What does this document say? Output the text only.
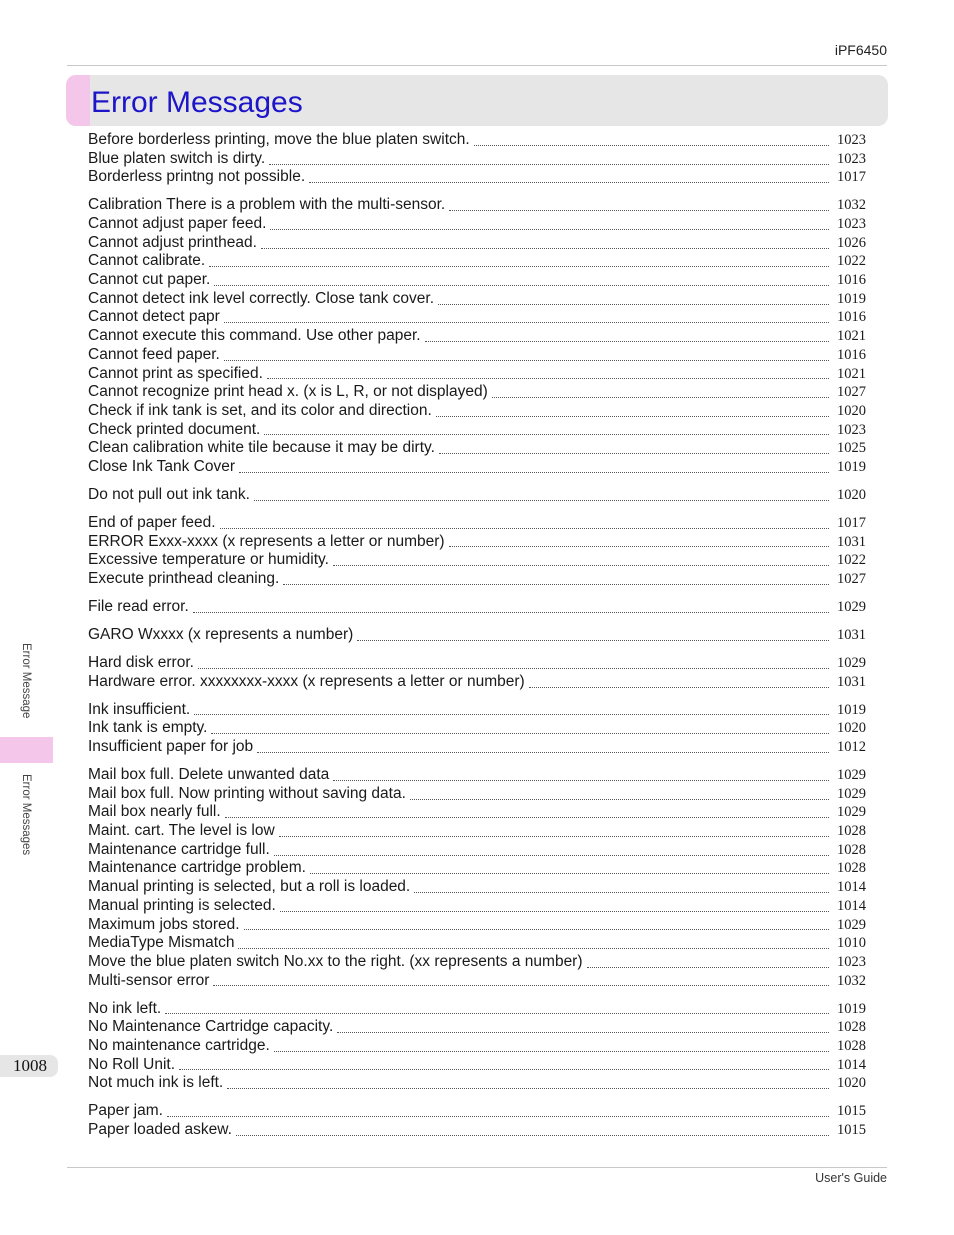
iPF6450
Error Messages
Before borderless printing, move the blue platen switch.	1023
Blue platen switch is dirty.	1023
Borderless printng not possible.	1017
Calibration There is a problem with the multi-sensor.	1032
Cannot adjust paper feed.	1023
Cannot adjust printhead.	1026
Cannot calibrate.	1022
Cannot cut paper.	1016
Cannot detect ink level correctly. Close tank cover.	1019
Cannot detect papr	1016
Cannot execute this command. Use other paper.	1021
Cannot feed paper.	1016
Cannot print as specified.	1021
Cannot recognize print head x. (x is L, R, or not displayed)	1027
Check if ink tank is set, and its color and direction.	1020
Check printed document.	1023
Clean calibration white tile because it may be dirty.	1025
Close Ink Tank Cover	1019
Do not pull out ink tank.	1020
End of paper feed.	1017
ERROR Exxx-xxxx (x represents a letter or number)	1031
Excessive temperature or humidity.	1022
Execute printhead cleaning.	1027
File read error.	1029
GARO Wxxxx (x represents a number)	1031
Hard disk error.	1029
Hardware error. xxxxxxxx-xxxx (x represents a letter or number)	1031
Ink insufficient.	1019
Ink tank is empty.	1020
Insufficient paper for job	1012
Mail box full. Delete unwanted data	1029
Mail box full. Now printing without saving data.	1029
Mail box nearly full.	1029
Maint. cart. The level is low	1028
Maintenance cartridge full.	1028
Maintenance cartridge problem.	1028
Manual printing is selected, but a roll is loaded.	1014
Manual printing is selected.	1014
Maximum jobs stored.	1029
MediaType Mismatch	1010
Move the blue platen switch No.xx to the right. (xx represents a number)	1023
Multi-sensor error	1032
No ink left.	1019
No Maintenance Cartridge capacity.	1028
No maintenance cartridge.	1028
No Roll Unit.	1014
Not much ink is left.	1020
Paper jam.	1015
Paper loaded askew.	1015
Error Message
Error Messages
1008
User's Guide
